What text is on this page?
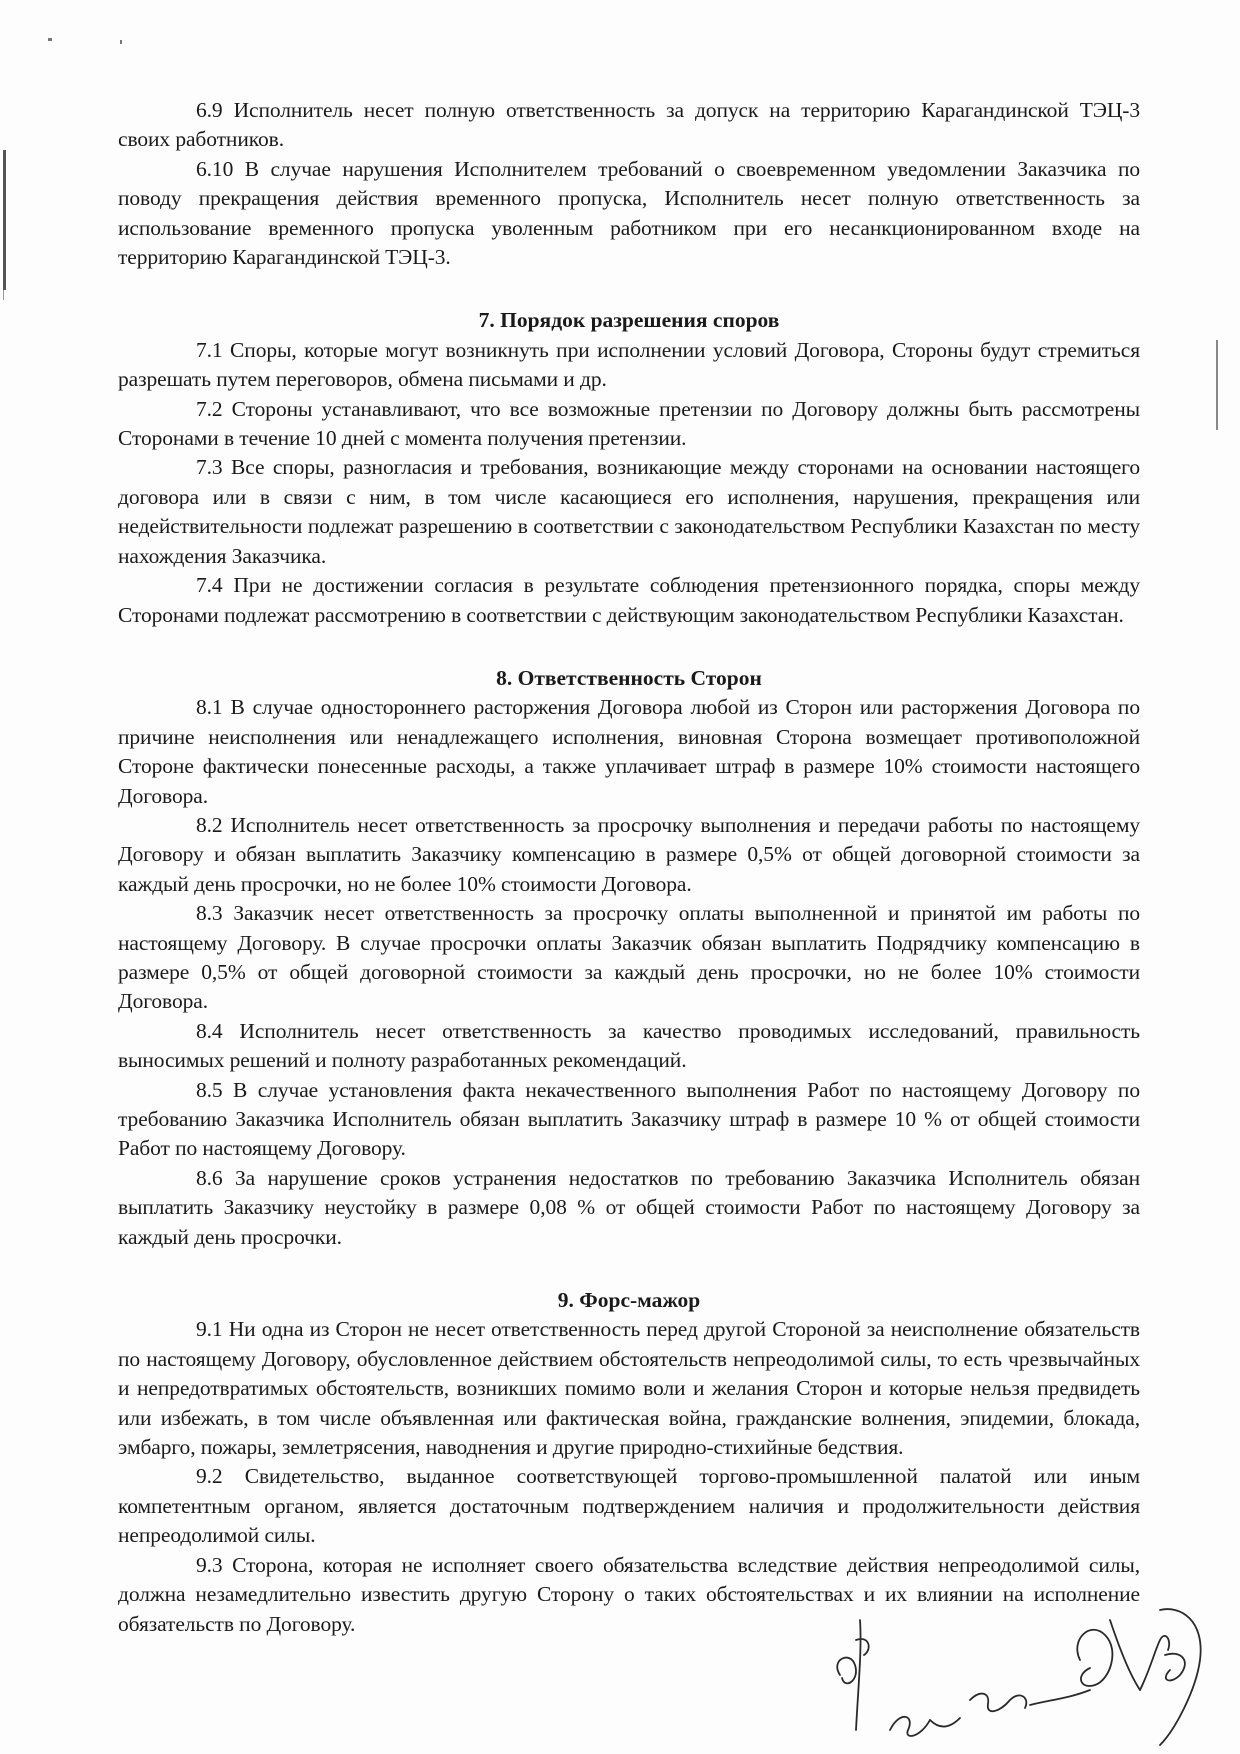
6.9 Исполнитель несет полную ответственность за допуск на территорию Карагандинской ТЭЦ-3 своих работников.

6.10 В случае нарушения Исполнителем требований о своевременном уведомлении Заказчика по поводу прекращения действия временного пропуска, Исполнитель несет полную ответственность за использование временного пропуска уволенным работником при его несанкционированном входе на территорию Карагандинской ТЭЦ-3.

7. Порядок разрешения споров

7.1 Споры, которые могут возникнуть при исполнении условий Договора, Стороны будут стремиться разрешать путем переговоров, обмена письмами и др.

7.2 Стороны устанавливают, что все возможные претензии по Договору должны быть рассмотрены Сторонами в течение 10 дней с момента получения претензии.

7.3 Все споры, разногласия и требования, возникающие между сторонами на основании настоящего договора или в связи с ним, в том числе касающиеся его исполнения, нарушения, прекращения или недействительности подлежат разрешению в соответствии с законодательством Республики Казахстан по месту нахождения Заказчика.

7.4 При не достижении согласия в результате соблюдения претензионного порядка, споры между Сторонами подлежат рассмотрению в соответствии с действующим законодательством Республики Казахстан.

8. Ответственность Сторон

8.1 В случае одностороннего расторжения Договора любой из Сторон или расторжения Договора по причине неисполнения или ненадлежащего исполнения, виновная Сторона возмещает противоположной Стороне фактически понесенные расходы, а также уплачивает штраф в размере 10% стоимости настоящего Договора.

8.2 Исполнитель несет ответственность за просрочку выполнения и передачи работы по настоящему Договору и обязан выплатить Заказчику компенсацию в размере 0,5% от общей договорной стоимости за каждый день просрочки, но не более 10% стоимости Договора.

8.3 Заказчик несет ответственность за просрочку оплаты выполненной и принятой им работы по настоящему Договору. В случае просрочки оплаты Заказчик обязан выплатить Подрядчику компенсацию в размере 0,5% от общей договорной стоимости за каждый день просрочки, но не более 10% стоимости Договора.

8.4 Исполнитель несет ответственность за качество проводимых исследований, правильность выносимых решений и полноту разработанных рекомендаций.

8.5 В случае установления факта некачественного выполнения Работ по настоящему Договору по требованию Заказчика Исполнитель обязан выплатить Заказчику штраф в размере 10 % от общей стоимости Работ по настоящему Договору.

8.6 За нарушение сроков устранения недостатков по требованию Заказчика Исполнитель обязан выплатить Заказчику неустойку в размере 0,08 % от общей стоимости Работ по настоящему Договору за каждый день просрочки.

9. Форс-мажор

9.1 Ни одна из Сторон не несет ответственность перед другой Стороной за неисполнение обязательств по настоящему Договору, обусловленное действием обстоятельств непреодолимой силы, то есть чрезвычайных и непредотвратимых обстоятельств, возникших помимо воли и желания Сторон и которые нельзя предвидеть или избежать, в том числе объявленная или фактическая война, гражданские волнения, эпидемии, блокада, эмбарго, пожары, землетрясения, наводнения и другие природно-стихийные бедствия.

9.2 Свидетельство, выданное соответствующей торгово-промышленной палатой или иным компетентным органом, является достаточным подтверждением наличия и продолжительности действия непреодолимой силы.

9.3 Сторона, которая не исполняет своего обязательства вследствие действия непреодолимой силы, должна незамедлительно известить другую Сторону о таких обстоятельствах и их влиянии на исполнение обязательств по Договору.
